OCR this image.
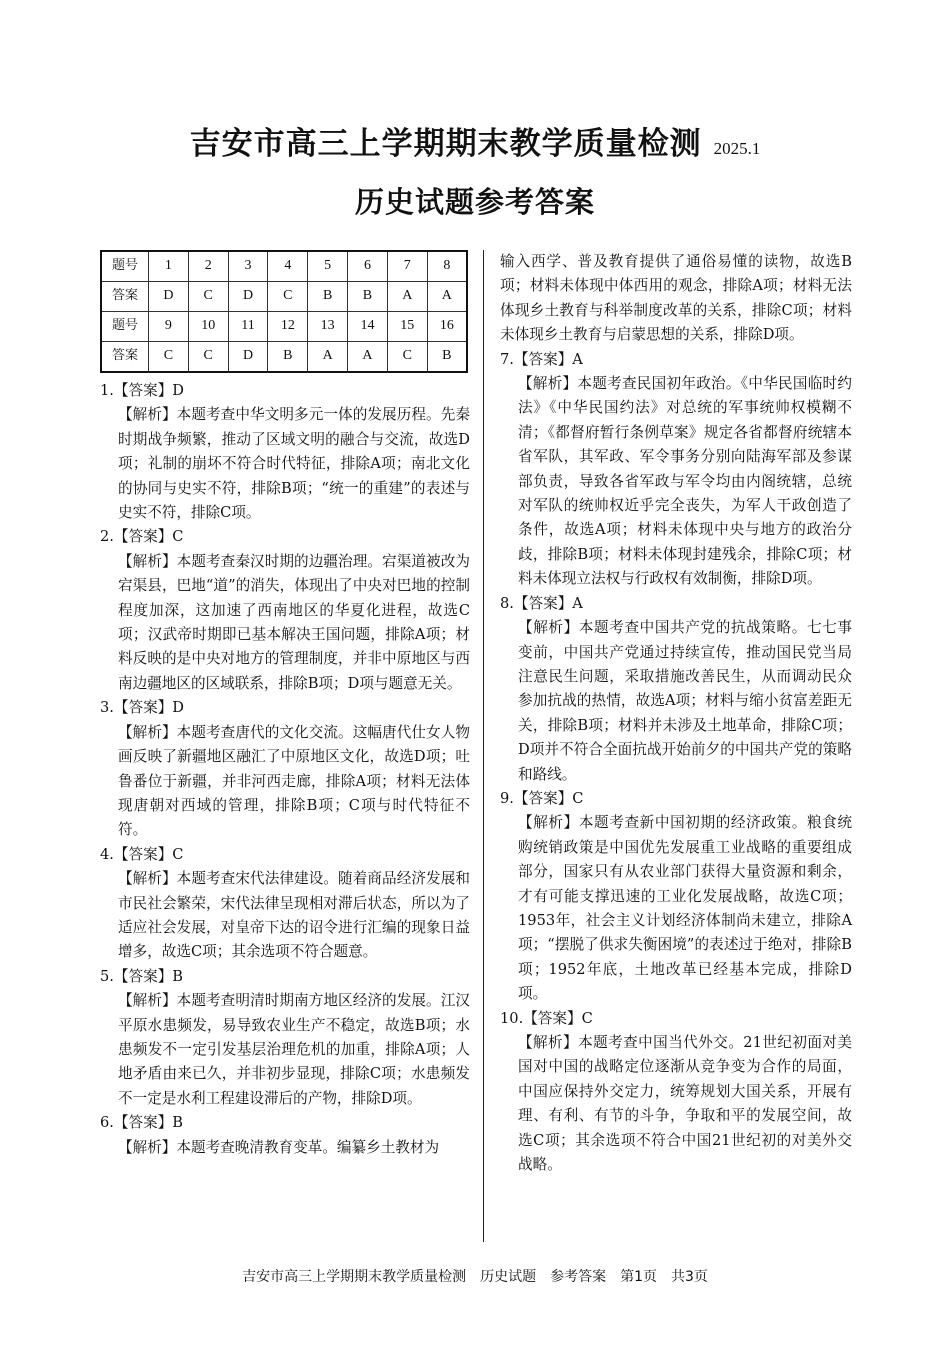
吉安市高三上学期期末教学质量检测 2025.1
历史试题参考答案
题号	1	2	3	4	5	6	7	8
答案	D	C	D	C	B	B	A	A
题号	9	10	11	12	13	14	15	16
答案	C	C	D	B	A	A	C	B
1.【答案】D
【解析】本题考查中华文明多元一体的发展历程。先秦时期战争频繁，推动了区域文明的融合与交流，故选D项；礼制的崩坏不符合时代特征，排除A项；南北文化的协同与史实不符，排除B项；“统一的重建”的表述与史实不符，排除C项。
2.【答案】C
【解析】本题考查秦汉时期的边疆治理。宕渠道被改为宕渠县，巴地“道”的消失，体现出了中央对巴地的控制程度加深，这加速了西南地区的华夏化进程，故选C项；汉武帝时期即已基本解决王国问题，排除A项；材料反映的是中央对地方的管理制度，并非中原地区与西南边疆地区的区域联系，排除B项；D项与题意无关。
3.【答案】D
【解析】本题考查唐代的文化交流。这幅唐代仕女人物画反映了新疆地区融汇了中原地区文化，故选D项；吐鲁番位于新疆，并非河西走廊，排除A项；材料无法体现唐朝对西域的管理，排除B项；C项与时代特征不符。
4.【答案】C
【解析】本题考查宋代法律建设。随着商品经济发展和市民社会繁荣，宋代法律呈现相对滞后状态，所以为了适应社会发展，对皇帝下达的诏令进行汇编的现象日益增多，故选C项；其余选项不符合题意。
5.【答案】B
【解析】本题考查明清时期南方地区经济的发展。江汉平原水患频发，易导致农业生产不稳定，故选B项；水患频发不一定引发基层治理危机的加重，排除A项；人地矛盾由来已久，并非初步显现，排除C项；水患频发不一定是水利工程建设滞后的产物，排除D项。
6.【答案】B
【解析】本题考查晚清教育变革。编纂乡土教材为
输入西学、普及教育提供了通俗易懂的读物，故选B项；材料未体现中体西用的观念，排除A项；材料无法体现乡土教育与科举制度改革的关系，排除C项；材料未体现乡土教育与启蒙思想的关系，排除D项。
7.【答案】A
【解析】本题考查民国初年政治。《中华民国临时约法》《中华民国约法》对总统的军事统帅权模糊不清；《都督府暂行条例草案》规定各省都督府统辖本省军队，其军政、军令事务分别向陆海军部及参谋部负责，导致各省军政与军令均由内阁统辖，总统对军队的统帅权近乎完全丧失，为军人干政创造了条件，故选A项；材料未体现中央与地方的政治分歧，排除B项；材料未体现封建残余，排除C项；材料未体现立法权与行政权有效制衡，排除D项。
8.【答案】A
【解析】本题考查中国共产党的抗战策略。七七事变前，中国共产党通过持续宣传，推动国民党当局注意民生问题，采取措施改善民生，从而调动民众参加抗战的热情，故选A项；材料与缩小贫富差距无关，排除B项；材料并未涉及土地革命，排除C项；D项并不符合全面抗战开始前夕的中国共产党的策略和路线。
9.【答案】C
【解析】本题考查新中国初期的经济政策。粮食统购统销政策是中国优先发展重工业战略的重要组成部分，国家只有从农业部门获得大量资源和剩余，才有可能支撑迅速的工业化发展战略，故选C项；1953年，社会主义计划经济体制尚未建立，排除A项；“摆脱了供求失衡困境”的表述过于绝对，排除B项；1952年底，土地改革已经基本完成，排除D项。
10.【答案】C
【解析】本题考查中国当代外交。21世纪初面对美国对中国的战略定位逐渐从竞争变为合作的局面，中国应保持外交定力，统筹规划大国关系，开展有理、有利、有节的斗争，争取和平的发展空间，故选C项；其余选项不符合中国21世纪初的对美外交战略。
吉安市高三上学期期末教学质量检测　历史试题　参考答案　第1页　共3页
